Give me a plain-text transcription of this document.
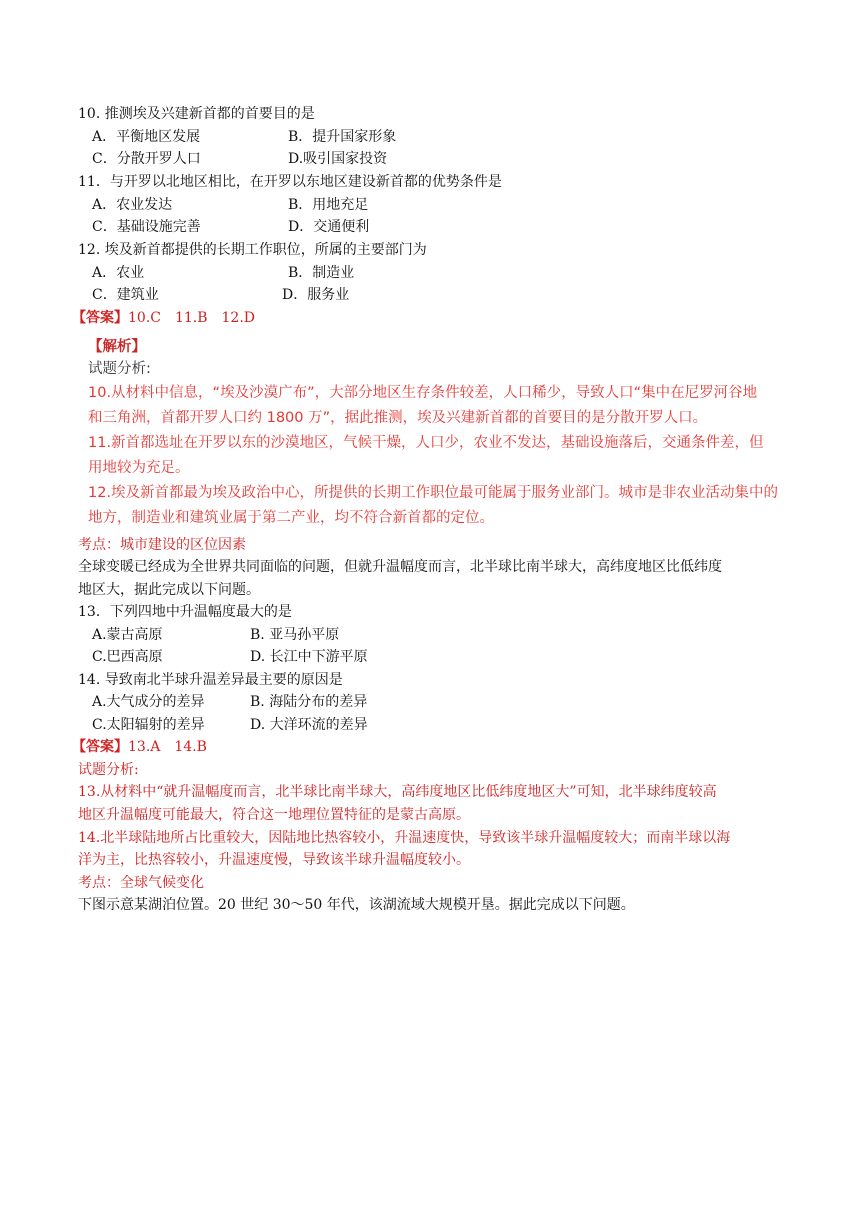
10. 推测埃及兴建新首都的首要目的是
A．平衡地区发展	B．提升国家形象
C．分散开罗人口	D.吸引国家投资
11．与开罗以北地区相比，在开罗以东地区建设新首都的优势条件是
A．农业发达	B．用地充足
C．基础设施完善	D．交通便利
12. 埃及新首都提供的长期工作职位，所属的主要部门为
A．农业	B．制造业
C．建筑业	D．服务业
【答案】10.C　11.B　12.D
【解析】
试题分析:
10.从材料中信息，“埃及沙漠广布”，大部分地区生存条件较差，人口稀少，导致人口“集中在尼罗河谷地
和三角洲，首都开罗人口约 1800 万”，据此推测，埃及兴建新首都的首要目的是分散开罗人口。
11.新首都选址在开罗以东的沙漠地区，气候干燥，人口少，农业不发达，基础设施落后，交通条件差，但
用地较为充足。
12.埃及新首都最为埃及政治中心，所提供的长期工作职位最可能属于服务业部门。城市是非农业活动集中的
地方，制造业和建筑业属于第二产业，均不符合新首都的定位。
考点：城市建设的区位因素
全球变暖已经成为全世界共同面临的问题，但就升温幅度而言，北半球比南半球大，高纬度地区比低纬度
地区大，据此完成以下问题。
13．下列四地中升温幅度最大的是
A.蒙古高原	B. 亚马孙平原
C.巴西高原	D. 长江中下游平原
14. 导致南北半球升温差异最主要的原因是
A.大气成分的差异	B. 海陆分布的差异
C.太阳辐射的差异	D. 大洋环流的差异
【答案】13.A　14.B
试题分析:
13.从材料中“就升温幅度而言，北半球比南半球大，高纬度地区比低纬度地区大”可知，北半球纬度较高
地区升温幅度可能最大，符合这一地理位置特征的是蒙古高原。
14.北半球陆地所占比重较大，因陆地比热容较小，升温速度快，导致该半球升温幅度较大；而南半球以海
洋为主，比热容较小，升温速度慢，导致该半球升温幅度较小。
考点：全球气候变化
下图示意某湖泊位置。20 世纪 30～50 年代，该湖流域大规模开垦。据此完成以下问题。
